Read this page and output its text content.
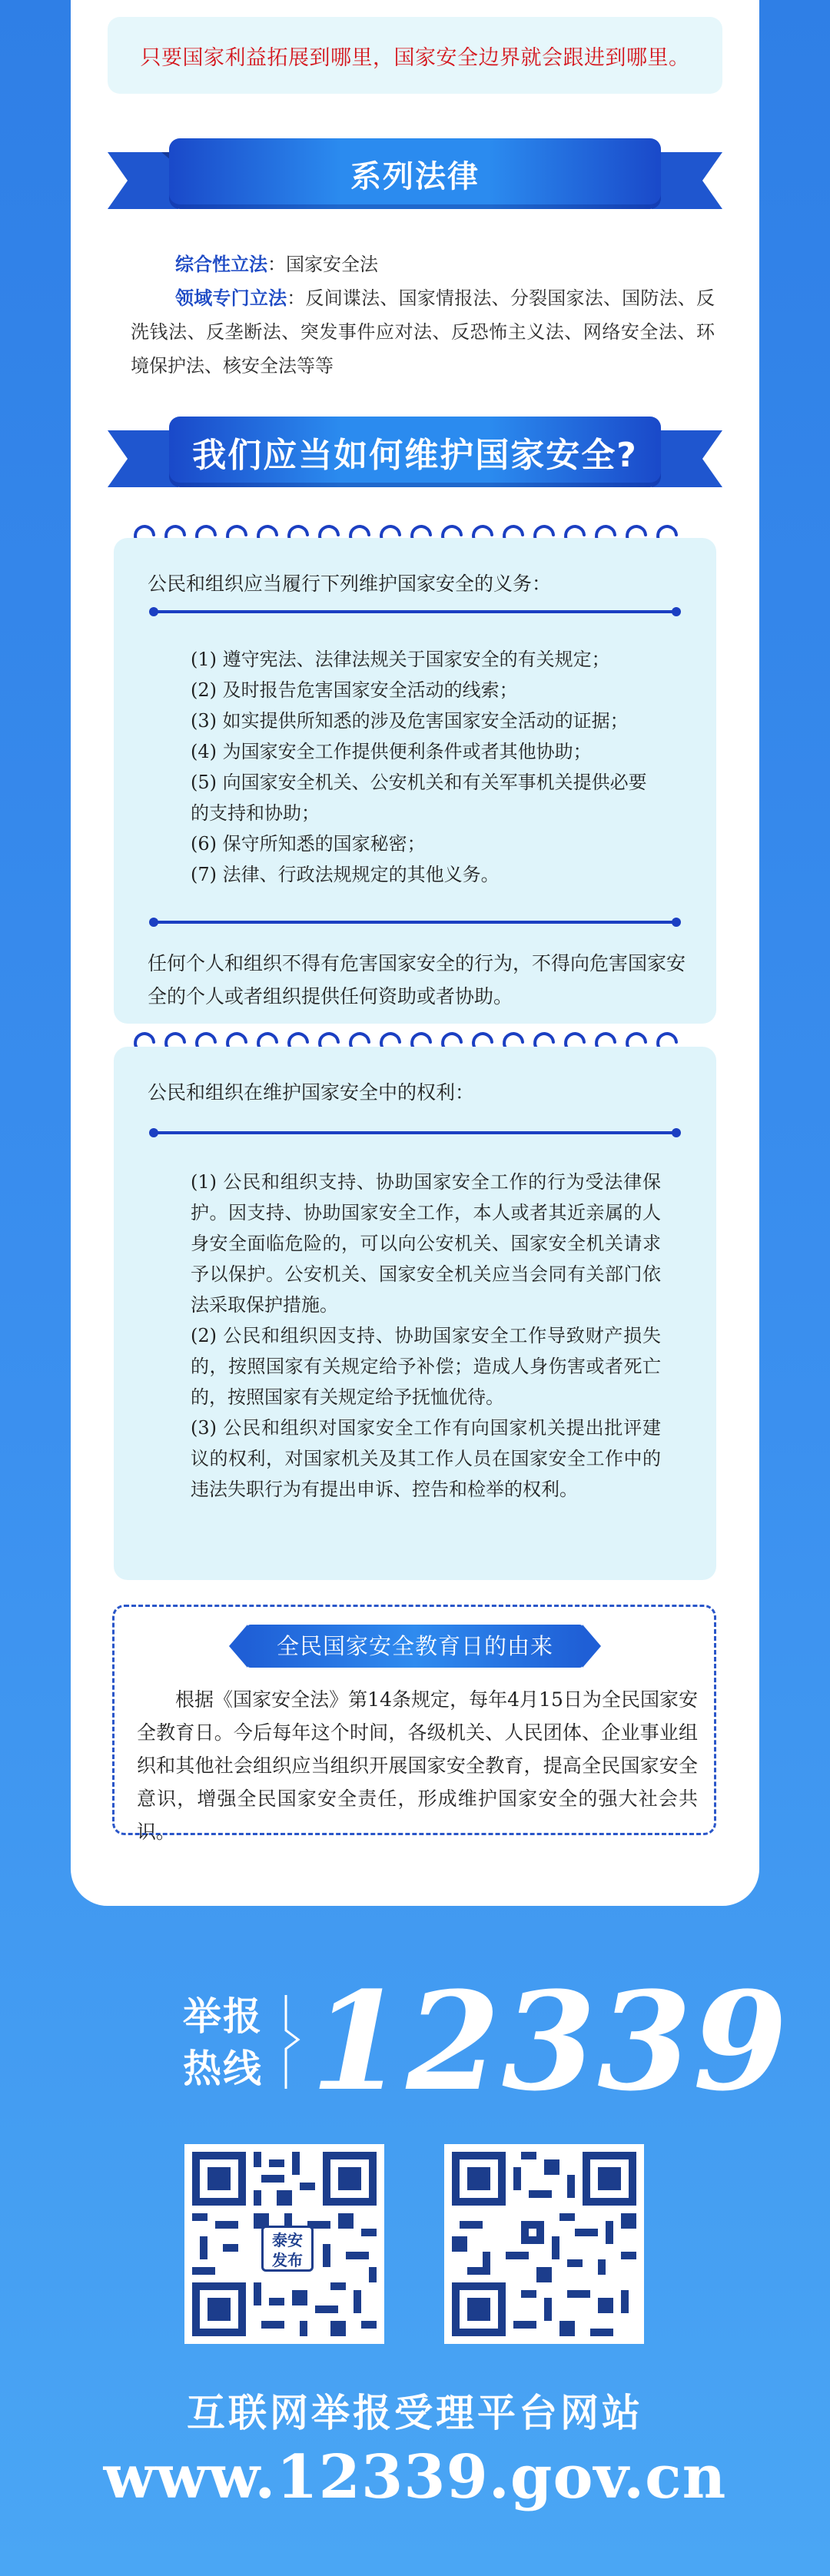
只要国家利益拓展到哪里，国家安全边界就会跟进到哪里。
系列法律
综合性立法：国家安全法
领域专门立法：反间谍法、国家情报法、分裂国家法、国防法、反洗钱法、反垄断法、突发事件应对法、反恐怖主义法、网络安全法、环境保护法、核安全法等等
我们应当如何维护国家安全?
公民和组织应当履行下列维护国家安全的义务：
(1) 遵守宪法、法律法规关于国家安全的有关规定；
(2) 及时报告危害国家安全活动的线索；
(3) 如实提供所知悉的涉及危害国家安全活动的证据；
(4) 为国家安全工作提供便利条件或者其他协助；
(5) 向国家安全机关、公安机关和有关军事机关提供必要的支持和协助；
(6) 保守所知悉的国家秘密；
(7) 法律、行政法规规定的其他义务。
任何个人和组织不得有危害国家安全的行为，不得向危害国家安全的个人或者组织提供任何资助或者协助。
公民和组织在维护国家安全中的权利：

(1) 公民和组织支持、协助国家安全工作的行为受法律保护。因支持、协助国家安全工作，本人或者其近亲属的人身安全面临危险的，可以向公安机关、国家安全机关请求予以保护。公安机关、国家安全机关应当会同有关部门依法采取保护措施。

(2) 公民和组织因支持、协助国家安全工作导致财产损失的，按照国家有关规定给予补偿；造成人身伤害或者死亡的，按照国家有关规定给予抚恤优待。

(3) 公民和组织对国家安全工作有向国家机关提出批评建议的权利，对国家机关及其工作人员在国家安全工作中的违法失职行为有提出申诉、控告和检举的权利。

全民国家安全教育日的由来
根据《国家安全法》第14条规定，每年4月15日为全民国家安全教育日。今后每年这个时间，各级机关、人民团体、企业事业组织和其他社会组织应当组织开展国家安全教育，提高全民国家安全意识，增强全民国家安全责任，形成维护国家安全的强大社会共识。
举报
热线 12339
泰安
发布
互联网举报受理平台网站
www.12339.gov.cn
